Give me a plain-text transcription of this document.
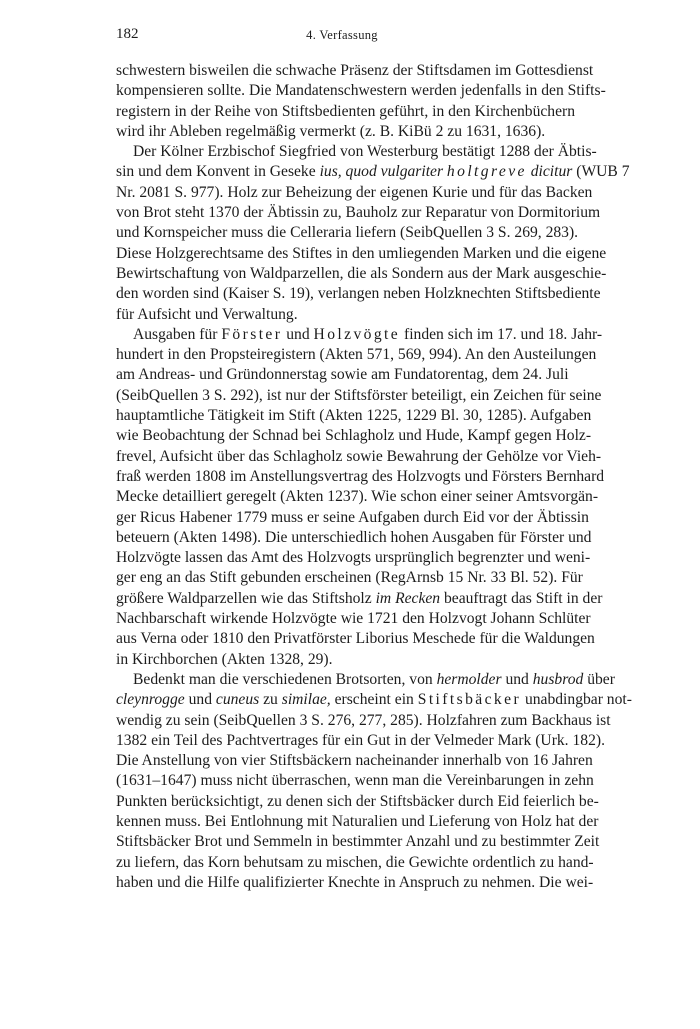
182	4. Verfassung

schwestern bisweilen die schwache Präsenz der Stiftsdamen im Gottesdienst
kompensieren sollte. Die Mandatenschwestern werden jedenfalls in den Stifts-
registern in der Reihe von Stiftsbedienten geführt, in den Kirchenbüchern
wird ihr Ableben regelmäßig vermerkt (z. B. KiBü 2 zu 1631, 1636).

Der Kölner Erzbischof Siegfried von Westerburg bestätigt 1288 der Äbtis-
sin und dem Konvent in Geseke ius, quod vulgariter holtgreve dicitur (WUB 7
Nr. 2081 S. 977). Holz zur Beheizung der eigenen Kurie und für das Backen
von Brot steht 1370 der Äbtissin zu, Bauholz zur Reparatur von Dormitorium
und Kornspeicher muss die Celleraria liefern (SeibQuellen 3 S. 269, 283).
Diese Holzgerechtsame des Stiftes in den umliegenden Marken und die eigene
Bewirtschaftung von Waldparzellen, die als Sondern aus der Mark ausgeschie-
den worden sind (Kaiser S. 19), verlangen neben Holzknechten Stiftsbediente
für Aufsicht und Verwaltung.

Ausgaben für Förster und Holzvögte finden sich im 17. und 18. Jahr-
hundert in den Propsteiregistern (Akten 571, 569, 994). An den Austeilungen
am Andreas- und Gründonnerstag sowie am Fundatorentag, dem 24. Juli
(SeibQuellen 3 S. 292), ist nur der Stiftsförster beteiligt, ein Zeichen für seine
hauptamtliche Tätigkeit im Stift (Akten 1225, 1229 Bl. 30, 1285). Aufgaben
wie Beobachtung der Schnad bei Schlagholz und Hude, Kampf gegen Holz-
frevel, Aufsicht über das Schlagholz sowie Bewahrung der Gehölze vor Vieh-
fraß werden 1808 im Anstellungsvertrag des Holzvogts und Försters Bernhard
Mecke detailliert geregelt (Akten 1237). Wie schon einer seiner Amtsvorgän-
ger Ricus Habener 1779 muss er seine Aufgaben durch Eid vor der Äbtissin
beteuern (Akten 1498). Die unterschiedlich hohen Ausgaben für Förster und
Holzvögte lassen das Amt des Holzvogts ursprünglich begrenzter und weni-
ger eng an das Stift gebunden erscheinen (RegArnsb 15 Nr. 33 Bl. 52). Für
größere Waldparzellen wie das Stiftsholz im Recken beauftragt das Stift in der
Nachbarschaft wirkende Holzvögte wie 1721 den Holzvogt Johann Schlüter
aus Verna oder 1810 den Privatförster Liborius Meschede für die Waldungen
in Kirchborchen (Akten 1328, 29).

Bedenkt man die verschiedenen Brotsorten, von hermolder und husbrod über
cleynrogge und cuneus zu similae, erscheint ein Stiftsbäcker unabdingbar not-
wendig zu sein (SeibQuellen 3 S. 276, 277, 285). Holzfahren zum Backhaus ist
1382 ein Teil des Pachtvertrages für ein Gut in der Velmeder Mark (Urk. 182).
Die Anstellung von vier Stiftsbäckern nacheinander innerhalb von 16 Jahren
(1631–1647) muss nicht überraschen, wenn man die Vereinbarungen in zehn
Punkten berücksichtigt, zu denen sich der Stiftsbäcker durch Eid feierlich be-
kennen muss. Bei Entlohnung mit Naturalien und Lieferung von Holz hat der
Stiftsbäcker Brot und Semmeln in bestimmter Anzahl und zu bestimmter Zeit
zu liefern, das Korn behutsam zu mischen, die Gewichte ordentlich zu hand-
haben und die Hilfe qualifizierter Knechte in Anspruch zu nehmen. Die wei-
